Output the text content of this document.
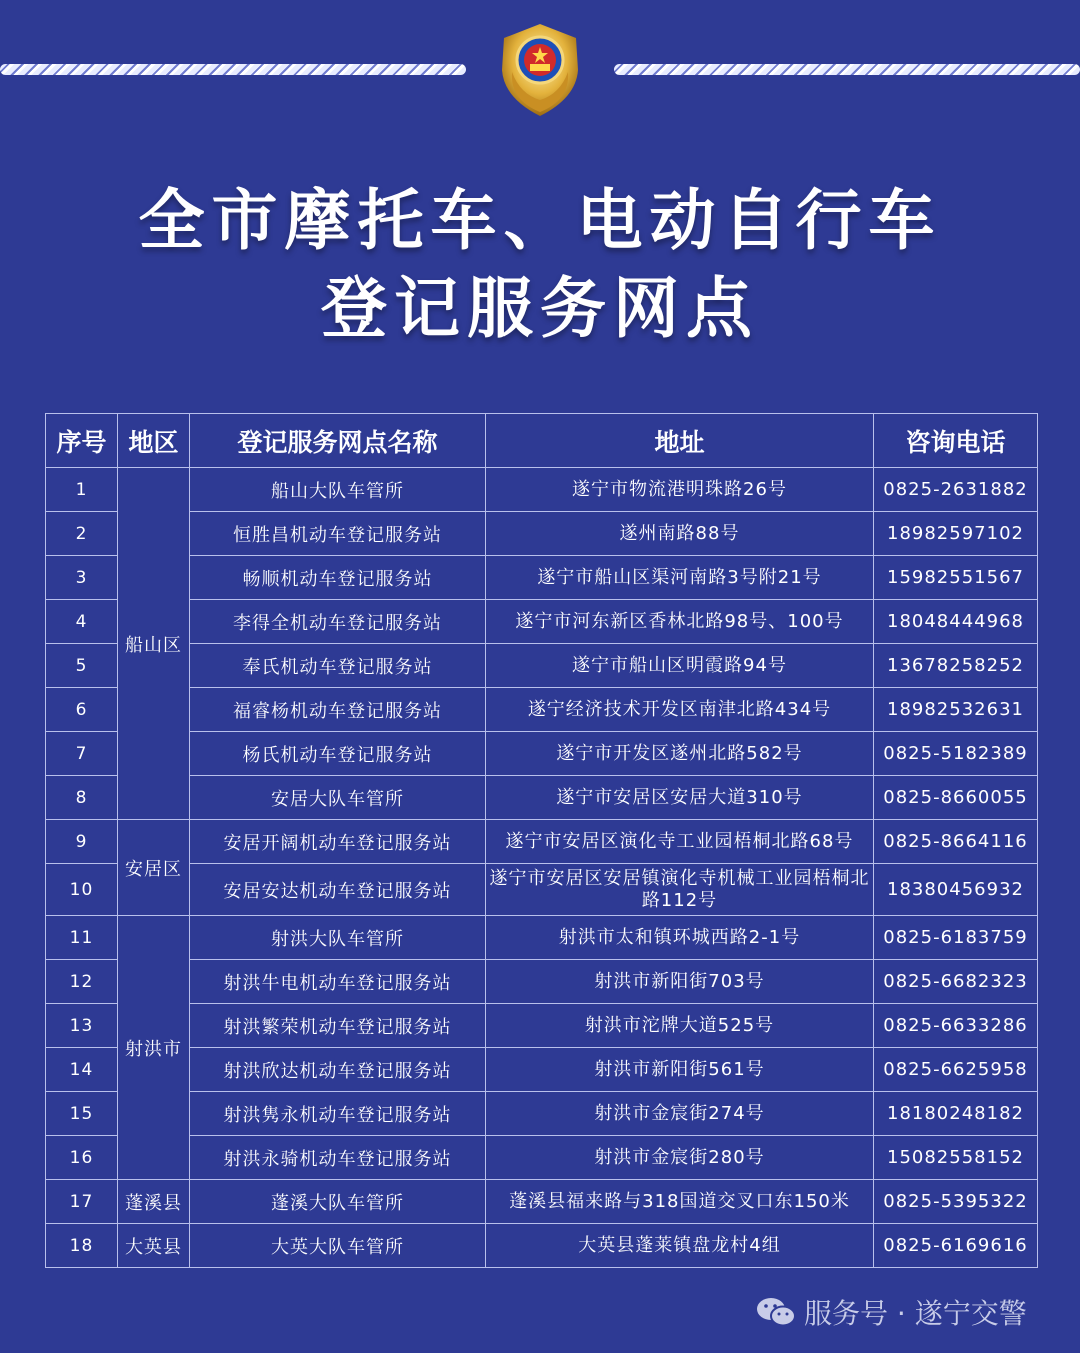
全市摩托车、电动自行车
登记服务网点
序号	地区	登记服务网点名称	地址	咨询电话
1	船山区	船山大队车管所	遂宁市物流港明珠路26号	0825-2631882
2		恒胜昌机动车登记服务站	遂州南路88号	18982597102
3		畅顺机动车登记服务站	遂宁市船山区渠河南路3号附21号	15982551567
4		李得全机动车登记服务站	遂宁市河东新区香林北路98号、100号	18048444968
5		奉氏机动车登记服务站	遂宁市船山区明霞路94号	13678258252
6		福睿杨机动车登记服务站	遂宁经济技术开发区南津北路434号	18982532631
7		杨氏机动车登记服务站	遂宁市开发区遂州北路582号	0825-5182389
8		安居大队车管所	遂宁市安居区安居大道310号	0825-8660055
9	安居区	安居开阔机动车登记服务站	遂宁市安居区演化寺工业园梧桐北路68号	0825-8664116
10		安居安达机动车登记服务站	遂宁市安居区安居镇演化寺机械工业园梧桐北路112号	18380456932
11	射洪市	射洪大队车管所	射洪市太和镇环城西路2-1号	0825-6183759
12		射洪牛电机动车登记服务站	射洪市新阳街703号	0825-6682323
13		射洪繁荣机动车登记服务站	射洪市沱牌大道525号	0825-6633286
14		射洪欣达机动车登记服务站	射洪市新阳街561号	0825-6625958
15		射洪隽永机动车登记服务站	射洪市金宸街274号	18180248182
16		射洪永骑机动车登记服务站	射洪市金宸街280号	15082558152
17	蓬溪县	蓬溪大队车管所	蓬溪县福来路与318国道交叉口东150米	0825-5395322
18	大英县	大英大队车管所	大英县蓬莱镇盘龙村4组	0825-6169616
服务号 · 遂宁交警
